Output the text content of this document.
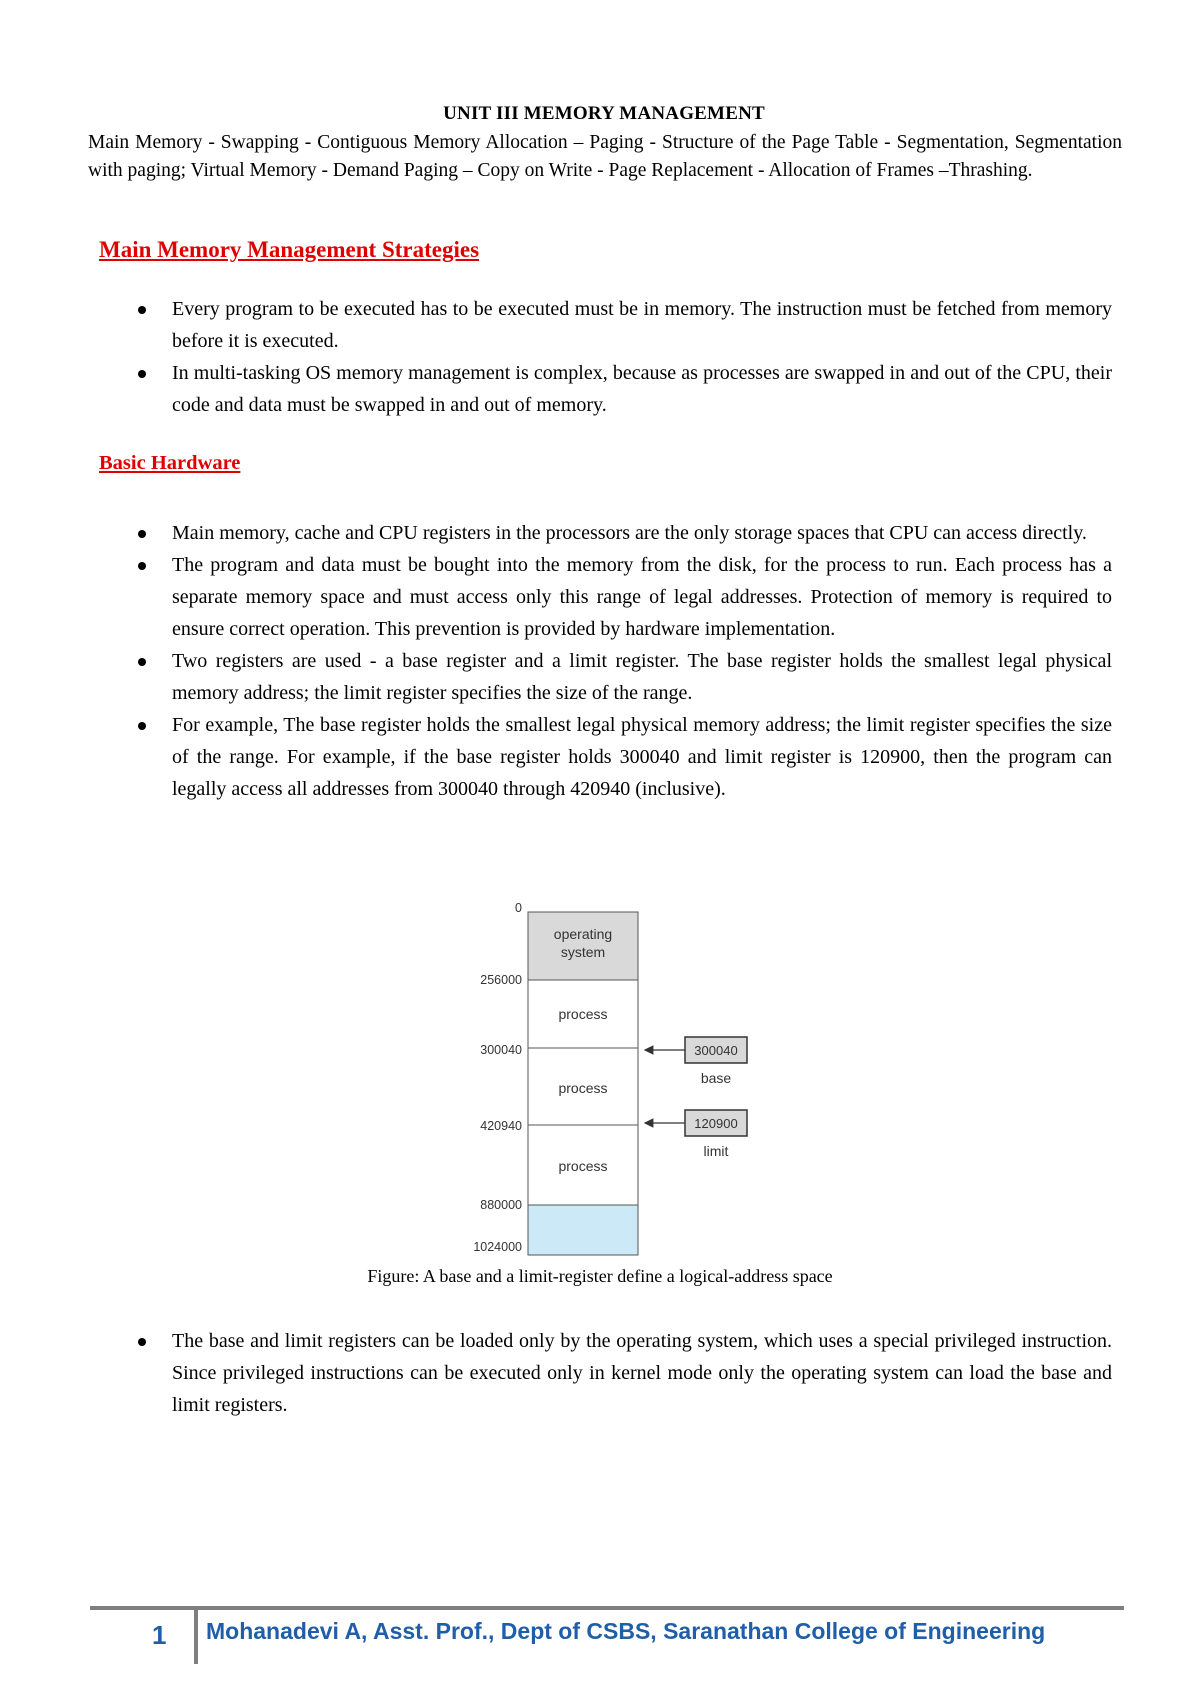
UNIT III MEMORY MANAGEMENT
Main Memory - Swapping - Contiguous Memory Allocation – Paging - Structure of the Page Table - Segmentation, Segmentation with paging; Virtual Memory - Demand Paging – Copy on Write - Page Replacement - Allocation of Frames –Thrashing.
Main Memory Management Strategies
Every program to be executed has to be executed must be in memory. The instruction must be fetched from memory before it is executed.
In multi-tasking OS memory management is complex, because as processes are swapped in and out of the CPU, their code and data must be swapped in and out of memory.
Basic Hardware
Main memory, cache and CPU registers in the processors are the only storage spaces that CPU can access directly.
The program and data must be bought into the memory from the disk, for the process to run. Each process has a separate memory space and must access only this range of legal addresses. Protection of memory is required to ensure correct operation. This prevention is provided by hardware implementation.
Two registers are used - a base register and a limit register. The base register holds the smallest legal physical memory address; the limit register specifies the size of the range.
For example, The base register holds the smallest legal physical memory address; the limit register specifies the size of the range. For example, if the base register holds 300040 and limit register is 120900, then the program can legally access all addresses from 300040 through 420940 (inclusive).
operating
system
process
process
process
0
256000
300040
420940
880000
1024000
300040
base
120900
limit
Figure: A base and a limit-register define a logical-address space
The base and limit registers can be loaded only by the operating system, which uses a special privileged instruction. Since privileged instructions can be executed only in kernel mode only the operating system can load the base and limit registers.
1 Mohanadevi A, Asst. Prof., Dept of CSBS, Saranathan College of Engineering
